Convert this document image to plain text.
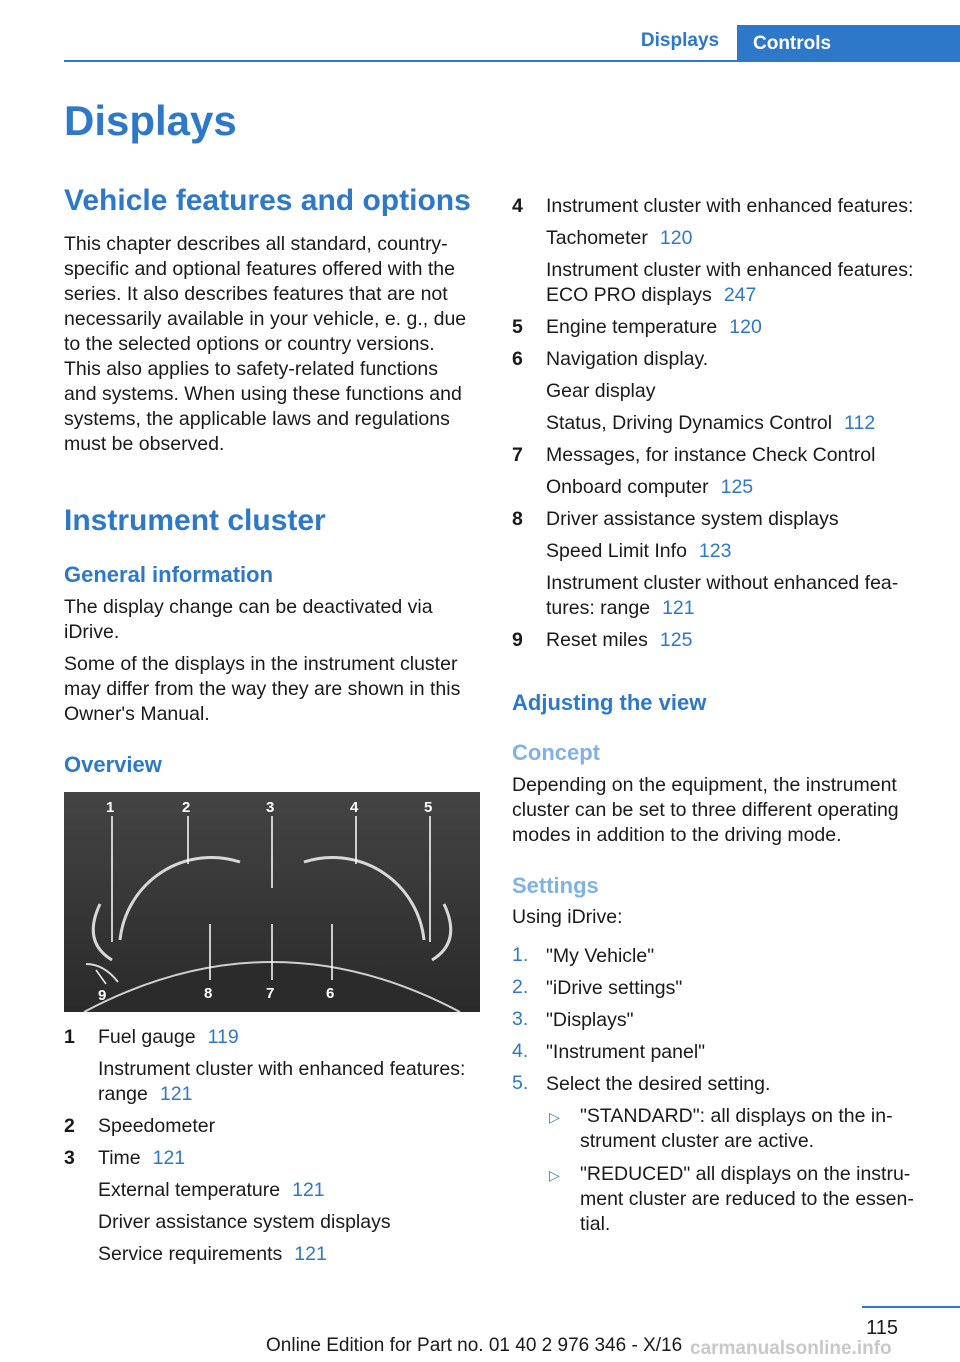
Displays	Controls
Displays
Vehicle features and options
This chapter describes all standard, country-
specific and optional features offered with the
series. It also describes features that are not
necessarily available in your vehicle, e. g., due
to the selected options or country versions.
This also applies to safety-related functions
and systems. When using these functions and
systems, the applicable laws and regulations
must be observed.
Instrument cluster
General information
The display change can be deactivated via
iDrive.
Some of the displays in the instrument cluster
may differ from the way they are shown in this
Owner's Manual.
Overview
1	2	3	4	5
9	8	7	6
1 Fuel gauge 119
Instrument cluster with enhanced features:
range 121
2 Speedometer
3 Time 121
External temperature 121
Driver assistance system displays
Service requirements 121
4 Instrument cluster with enhanced features:
Tachometer 120
Instrument cluster with enhanced features:
ECO PRO displays 247
5 Engine temperature 120
6 Navigation display.
Gear display
Status, Driving Dynamics Control 112
7 Messages, for instance Check Control
Onboard computer 125
8 Driver assistance system displays
Speed Limit Info 123
Instrument cluster without enhanced fea-
tures: range 121
9 Reset miles 125
Adjusting the view
Concept
Depending on the equipment, the instrument
cluster can be set to three different operating
modes in addition to the driving mode.
Settings
Using iDrive:
1. "My Vehicle"
2. "iDrive settings"
3. "Displays"
4. "Instrument panel"
5. Select the desired setting.
▷ "STANDARD": all displays on the in-
strument cluster are active.
▷ "REDUCED" all displays on the instru-
ment cluster are reduced to the essen-
tial.
115
Online Edition for Part no. 01 40 2 976 346 - X/16 carmanualsonline.info
